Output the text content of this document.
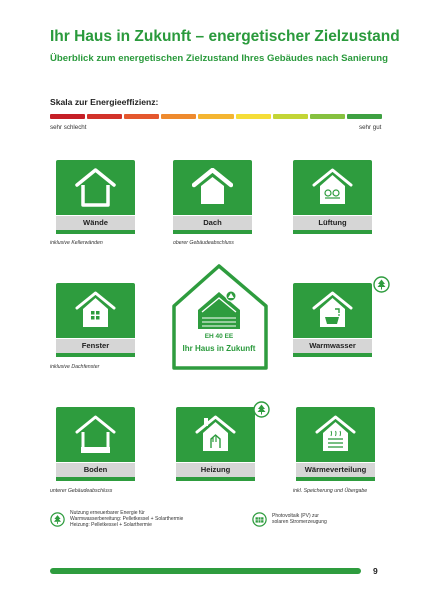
Ihr Haus in Zukunft – energetischer Zielzustand
Überblick zum energetischen Zielzustand Ihres Gebäudes nach Sanierung
Skala zur Energieeffizienz:
sehr schlecht	sehr gut
Wände
inklusive Kellerwänden
Dach
oberer Gebäudeabschluss
Lüftung
Fenster
inklusive Dachfenster
Warmwasser
EH 40 EE
Ihr Haus in Zukunft
Boden
unterer Gebäudeabschluss
Heizung	Wärmeverteilung
inkl. Speicherung und Übergabe
Nutzung erneuerbarer Energie für
Warmwasserbereitung: Pelletkessel + Solarthermie
Heizung: Pelletkessel + Solarthermie
Photovoltaik (PV) zur
solaren Stromerzeugung
9
